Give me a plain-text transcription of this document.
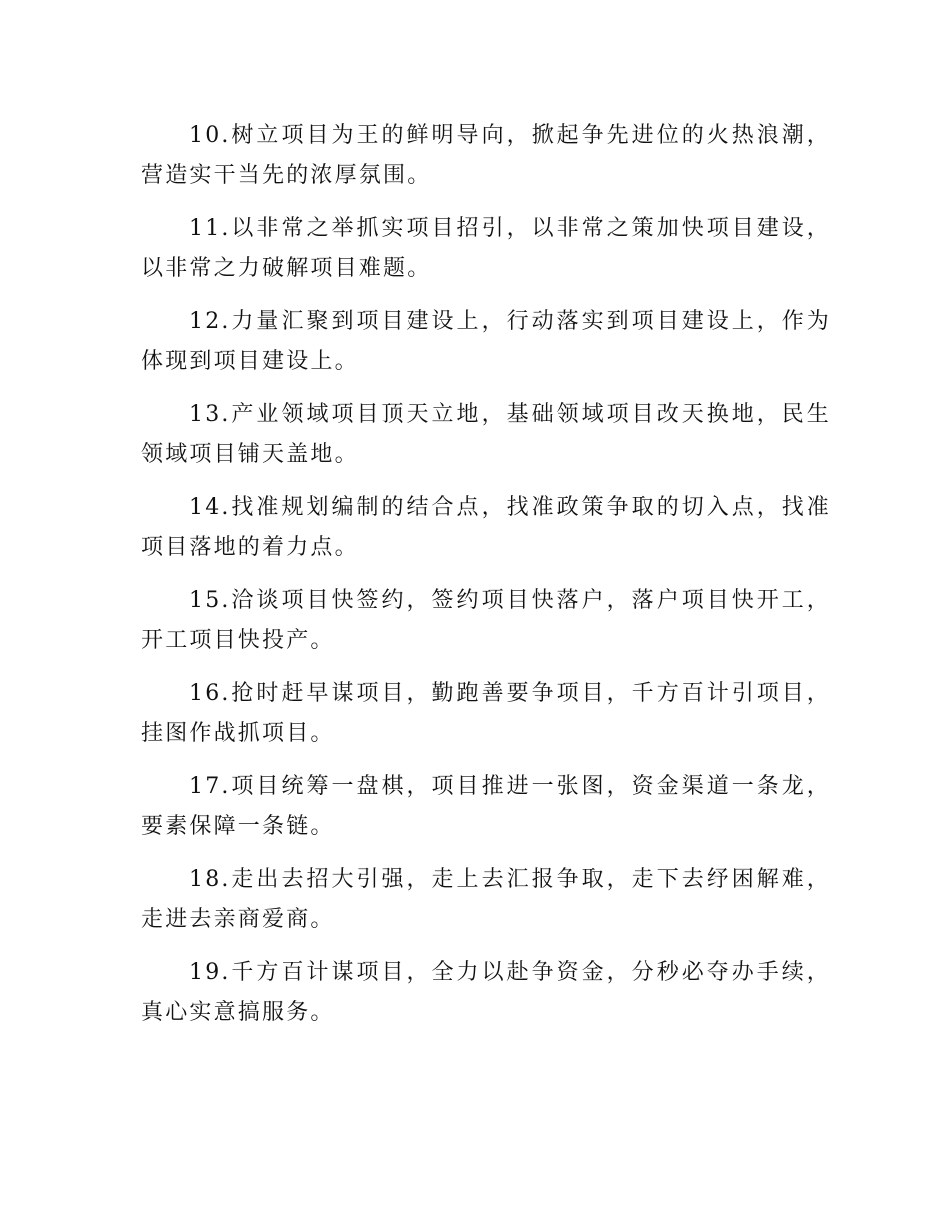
10.树立项目为王的鲜明导向，掀起争先进位的火热浪潮，营造实干当先的浓厚氛围。

11.以非常之举抓实项目招引，以非常之策加快项目建设，以非常之力破解项目难题。

12.力量汇聚到项目建设上，行动落实到项目建设上，作为体现到项目建设上。

13.产业领域项目顶天立地，基础领域项目改天换地，民生领域项目铺天盖地。

14.找准规划编制的结合点，找准政策争取的切入点，找准项目落地的着力点。

15.洽谈项目快签约，签约项目快落户，落户项目快开工，开工项目快投产。

16.抢时赶早谋项目，勤跑善要争项目，千方百计引项目，挂图作战抓项目。

17.项目统筹一盘棋，项目推进一张图，资金渠道一条龙，要素保障一条链。

18.走出去招大引强，走上去汇报争取，走下去纾困解难，走进去亲商爱商。

19.千方百计谋项目，全力以赴争资金，分秒必夺办手续，真心实意搞服务。
